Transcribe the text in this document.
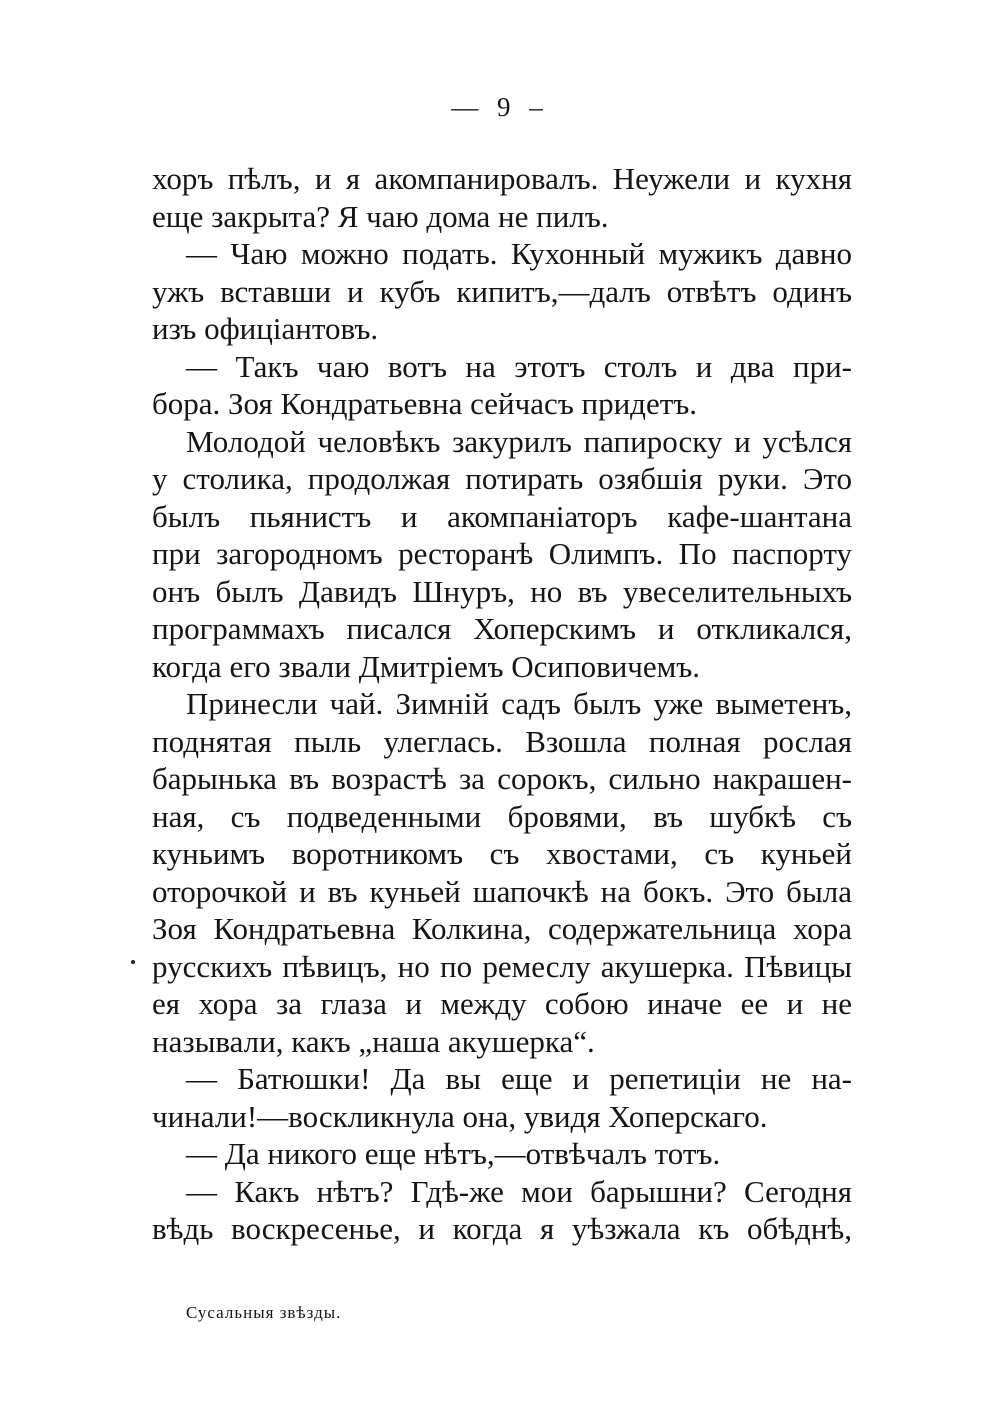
— 9 –
хоръ пѣлъ, и я акомпанировалъ. Неужели и кухня
еще закрыта? Я чаю дома не пилъ.
— Чаю можно подать. Кухонный мужикъ давно
ужъ вставши и кубъ кипитъ,—далъ отвѣтъ одинъ
изъ офиціантовъ.
— Такъ чаю вотъ на этотъ столъ и два при-
бора. Зоя Кондратьевна сейчасъ придетъ.
Молодой человѣкъ закурилъ папироску и усѣлся
у столика, продолжая потирать озябшія руки. Это
былъ пьянистъ и акомпаніаторъ кафе-шантана
при загородномъ ресторанѣ Олимпъ. По паспорту
онъ былъ Давидъ Шнуръ, но въ увеселительныхъ
программахъ писался Хоперскимъ и откликался,
когда его звали Дмитріемъ Осиповичемъ.
Принесли чай. Зимній садъ былъ уже выметенъ,
поднятая пыль улеглась. Взошла полная рослая
барынька въ возрастѣ за сорокъ, сильно накрашен-
ная, съ подведенными бровями, въ шубкѣ съ
куньимъ воротникомъ съ хвостами, съ куньей
оторочкой и въ куньей шапочкѣ на бокъ. Это была
Зоя Кондратьевна Колкина, содержательница хора
русскихъ пѣвицъ, но по ремеслу акушерка. Пѣвицы
ея хора за глаза и между собою иначе ее и не
называли, какъ „наша акушерка“.
— Батюшки! Да вы еще и репетиціи не на-
чинали!—воскликнула она, увидя Хоперскаго.
— Да никого еще нѣтъ,—отвѣчалъ тотъ.
— Какъ нѣтъ? Гдѣ-же мои барышни? Сегодня
вѣдь воскресенье, и когда я уѣзжала къ обѣднѣ,
Сусальныя звѣзды.
